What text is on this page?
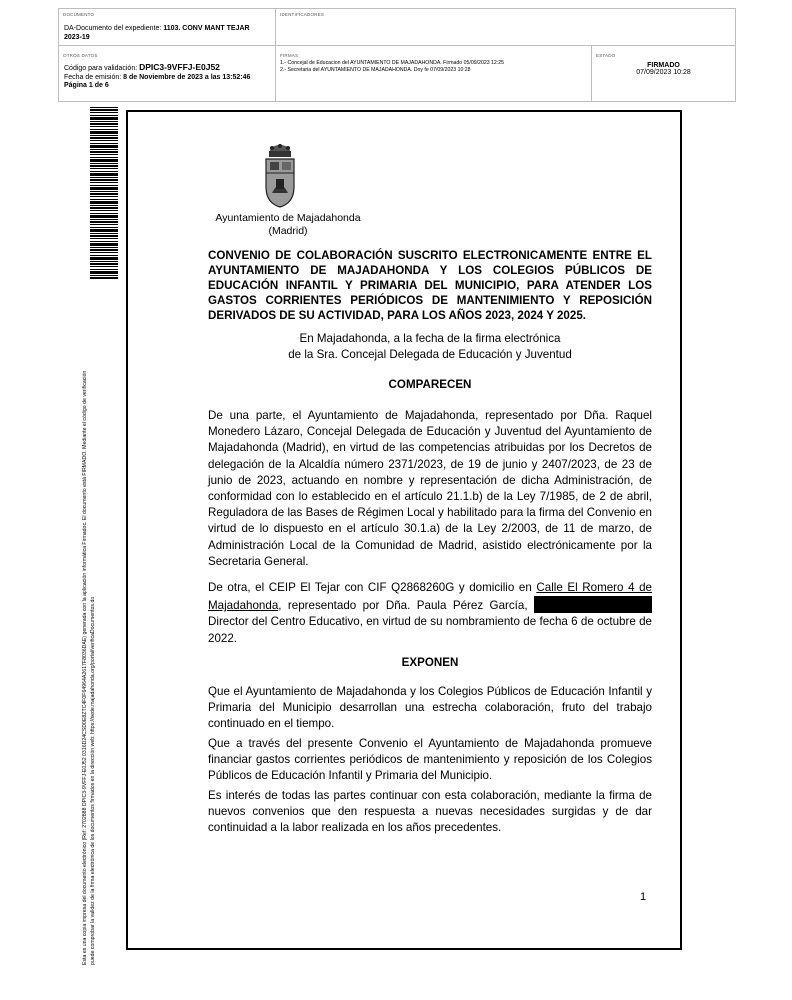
DOCUMENTO
DA-Documento del expediente: 1103. CONV MANT TEJAR 2023-19
IDENTIFICADORES
OTROS DATOS
Código para validación: DPIC3-9VFFJ-E0J52
Fecha de emisión: 8 de Noviembre de 2023 a las 13:52:46
Página 1 de 6
FIRMAS
1.- Concejal de Educacion del AYUNTAMIENTO DE MAJADAHONDA. Firmado 05/09/2023 12:25
2.- Secretaria del AYUNTAMIENTO DE MAJADAHONDA. Doy fe 07/09/2023 10:28
ESTADO
FIRMADO
07/09/2023 10:28
Esta es una copia impresa del documento electrónico (Ref: 2702888 DPIC3-9VFFJ-E0J52 0316D24CSD0E8ZTC4F0F64964A2617F8036DAE) generada con la aplicación informática Firmadoc. El documento está FIRMADO. Mediante el código de verificación puede comprobar la validez de la firma electrónica de los documentos firmados en la dirección web: https://sede.majadahonda.org/portal/verificaDocumentos.do
Ayuntamiento de Majadahonda
(Madrid)
CONVENIO DE COLABORACIÓN SUSCRITO ELECTRONICAMENTE ENTRE EL AYUNTAMIENTO DE MAJADAHONDA Y LOS COLEGIOS PÚBLICOS DE EDUCACIÓN INFANTIL Y PRIMARIA DEL MUNICIPIO, PARA ATENDER LOS GASTOS CORRIENTES PERIÓDICOS DE MANTENIMIENTO Y REPOSICIÓN DERIVADOS DE SU ACTIVIDAD, PARA LOS AÑOS 2023, 2024 Y 2025.
En Majadahonda, a la fecha de la firma electrónica
de la Sra. Concejal Delegada de Educación y Juventud
COMPARECEN
De una parte, el Ayuntamiento de Majadahonda, representado por Dña. Raquel Monedero Lázaro, Concejal Delegada de Educación y Juventud del Ayuntamiento de Majadahonda (Madrid), en virtud de las competencias atribuidas por los Decretos de delegación de la Alcaldía número 2371/2023, de 19 de junio y 2407/2023, de 23 de junio de 2023, actuando en nombre y representación de dicha Administración, de conformidad con lo establecido en el artículo 21.1.b) de la Ley 7/1985, de 2 de abril, Reguladora de las Bases de Régimen Local y habilitado para la firma del Convenio en virtud de lo dispuesto en el artículo 30.1.a) de la Ley 2/2003, de 11 de marzo, de Administración Local de la Comunidad de Madrid, asistido electrónicamente por la Secretaria General.
De otra, el CEIP El Tejar con CIF Q2868260G y domicilio en Calle El Romero 4 de Majadahonda, representado por Dña. Paula Pérez García,  Director del Centro Educativo, en virtud de su nombramiento de fecha 6 de octubre de 2022.
EXPONEN
Que el Ayuntamiento de Majadahonda y los Colegios Públicos de Educación Infantil y Primaria del Municipio desarrollan una estrecha colaboración, fruto del trabajo continuado en el tiempo.
Que a través del presente Convenio el Ayuntamiento de Majadahonda promueve financiar gastos corrientes periódicos de mantenimiento y reposición de los Colegios Públicos de Educación Infantil y Primaria del Municipio.
Es interés de todas las partes continuar con esta colaboración, mediante la firma de nuevos convenios que den respuesta a nuevas necesidades surgidas y de dar continuidad a la labor realizada en los años precedentes.
1
